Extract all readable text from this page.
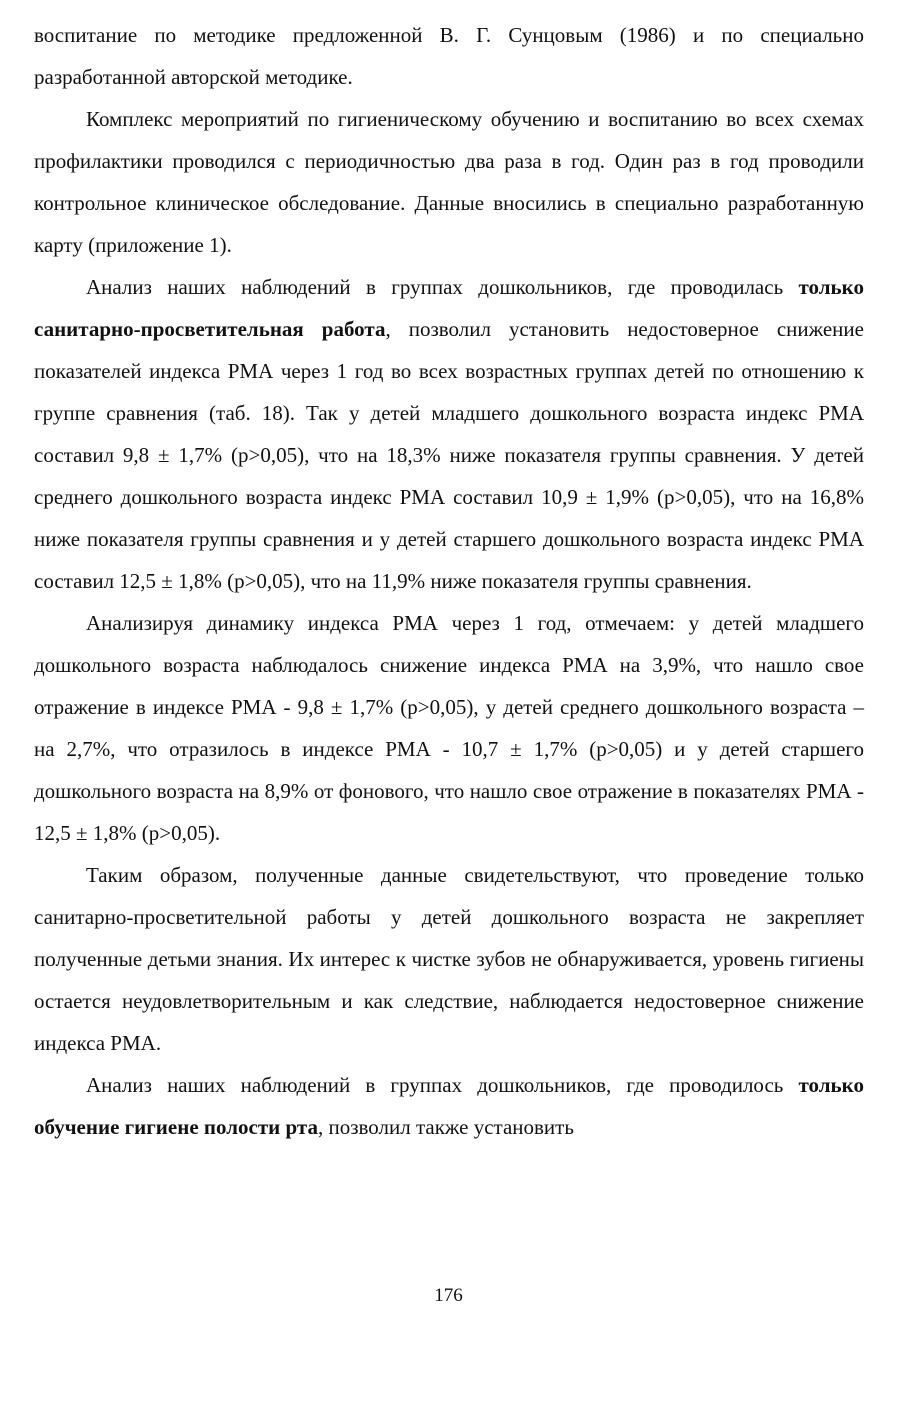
воспитание по методике предложенной В. Г. Сунцовым (1986) и по специально разработанной авторской методике.

Комплекс мероприятий по гигиеническому обучению и воспитанию во всех схемах профилактики проводился с периодичностью два раза в год. Один раз в год проводили контрольное клиническое обследование. Данные вносились в специально разработанную карту (приложение 1).

Анализ наших наблюдений в группах дошкольников, где проводилась только санитарно-просветительная работа, позволил установить недостоверное снижение показателей индекса РМА через 1 год во всех возрастных группах детей по отношению к группе сравнения (таб. 18). Так у детей младшего дошкольного возраста индекс РМА составил 9,8 ± 1,7% (р>0,05), что на 18,3% ниже показателя группы сравнения. У детей среднего дошкольного возраста индекс РМА составил 10,9 ± 1,9% (р>0,05), что на 16,8% ниже показателя группы сравнения и у детей старшего дошкольного возраста индекс РМА составил 12,5 ± 1,8% (р>0,05), что на 11,9% ниже показателя группы сравнения.

Анализируя динамику индекса РМА через 1 год, отмечаем: у детей младшего дошкольного возраста наблюдалось снижение индекса РМА на 3,9%, что нашло свое отражение в индексе РМА - 9,8 ± 1,7% (р>0,05), у детей среднего дошкольного возраста – на 2,7%, что отразилось в индексе РМА - 10,7 ± 1,7% (р>0,05) и у детей старшего дошкольного возраста на 8,9% от фонового, что нашло свое отражение в показателях РМА - 12,5 ± 1,8% (р>0,05).

Таким образом, полученные данные свидетельствуют, что проведение только санитарно-просветительной работы у детей дошкольного возраста не закрепляет полученные детьми знания. Их интерес к чистке зубов не обнаруживается, уровень гигиены остается неудовлетворительным и как следствие, наблюдается недостоверное снижение индекса РМА.

Анализ наших наблюдений в группах дошкольников, где проводилось только обучение гигиене полости рта, позволил также установить

176
